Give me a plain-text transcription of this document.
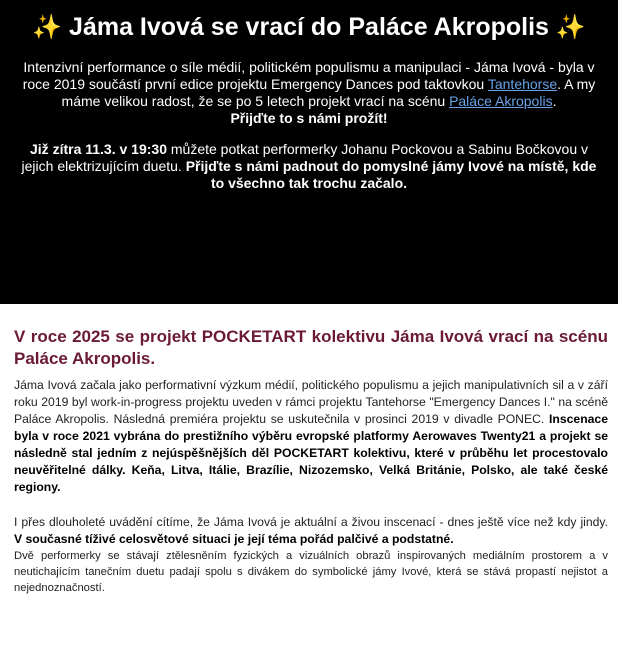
✨ Jáma Ivová se vrací do Paláce Akropolis ✨

Intenzivní performance o síle médií, politickém populismu a manipulaci - Jáma Ivová - byla v roce 2019 součástí první edice projektu Emergency Dances pod taktovkou Tantehorse. A my máme velikou radost, že se po 5 letech projekt vrací na scénu Paláce Akropolis.
Přijďte to s námi prožít!

Již zítra 11.3. v 19:30 můžete potkat performerky Johanu Pockovou a Sabinu Bočkovou v jejich elektrizujícím duetu. Přijďte s námi padnout do pomyslné jámy Ivové na místě, kde to všechno tak trochu začalo.

V roce 2025 se projekt POCKETART kolektivu Jáma Ivová vrací na scénu Paláce Akropolis.

Jáma Ivová začala jako performativní výzkum médií, politického populismu a jejich manipulativních sil a v září roku 2019 byl work-in-progress projektu uveden v rámci projektu Tantehorse "Emergency Dances I." na scéně Paláce Akropolis. Následná premiéra projektu se uskutečnila v prosinci 2019 v divadle PONEC. Inscenace byla v roce 2021 vybrána do prestižního výběru evropské platformy Aerowaves Twenty21 a projekt se následně stal jedním z nejúspěšnějších děl POCKETART kolektivu, které v průběhu let procestovalo neuvěřitelné dálky. Keňa, Litva, Itálie, Brazílie, Nizozemsko, Velká Británie, Polsko, ale také české regiony.

I přes dlouholeté uvádění cítíme, že Jáma Ivová je aktuální a živou inscenací - dnes ještě více než kdy jindy. V současné tíživé celosvětové situaci je její téma pořád palčivé a podstatné.

Dvě performerky se stávají ztělesněním fyzických a vizuálních obrazů inspirovaných mediálním prostorem a v neutichajícím tanečním duetu padají spolu s divákem do symbolické jámy Ivové, která se stává propastí nejistot a nejednoznačností.
